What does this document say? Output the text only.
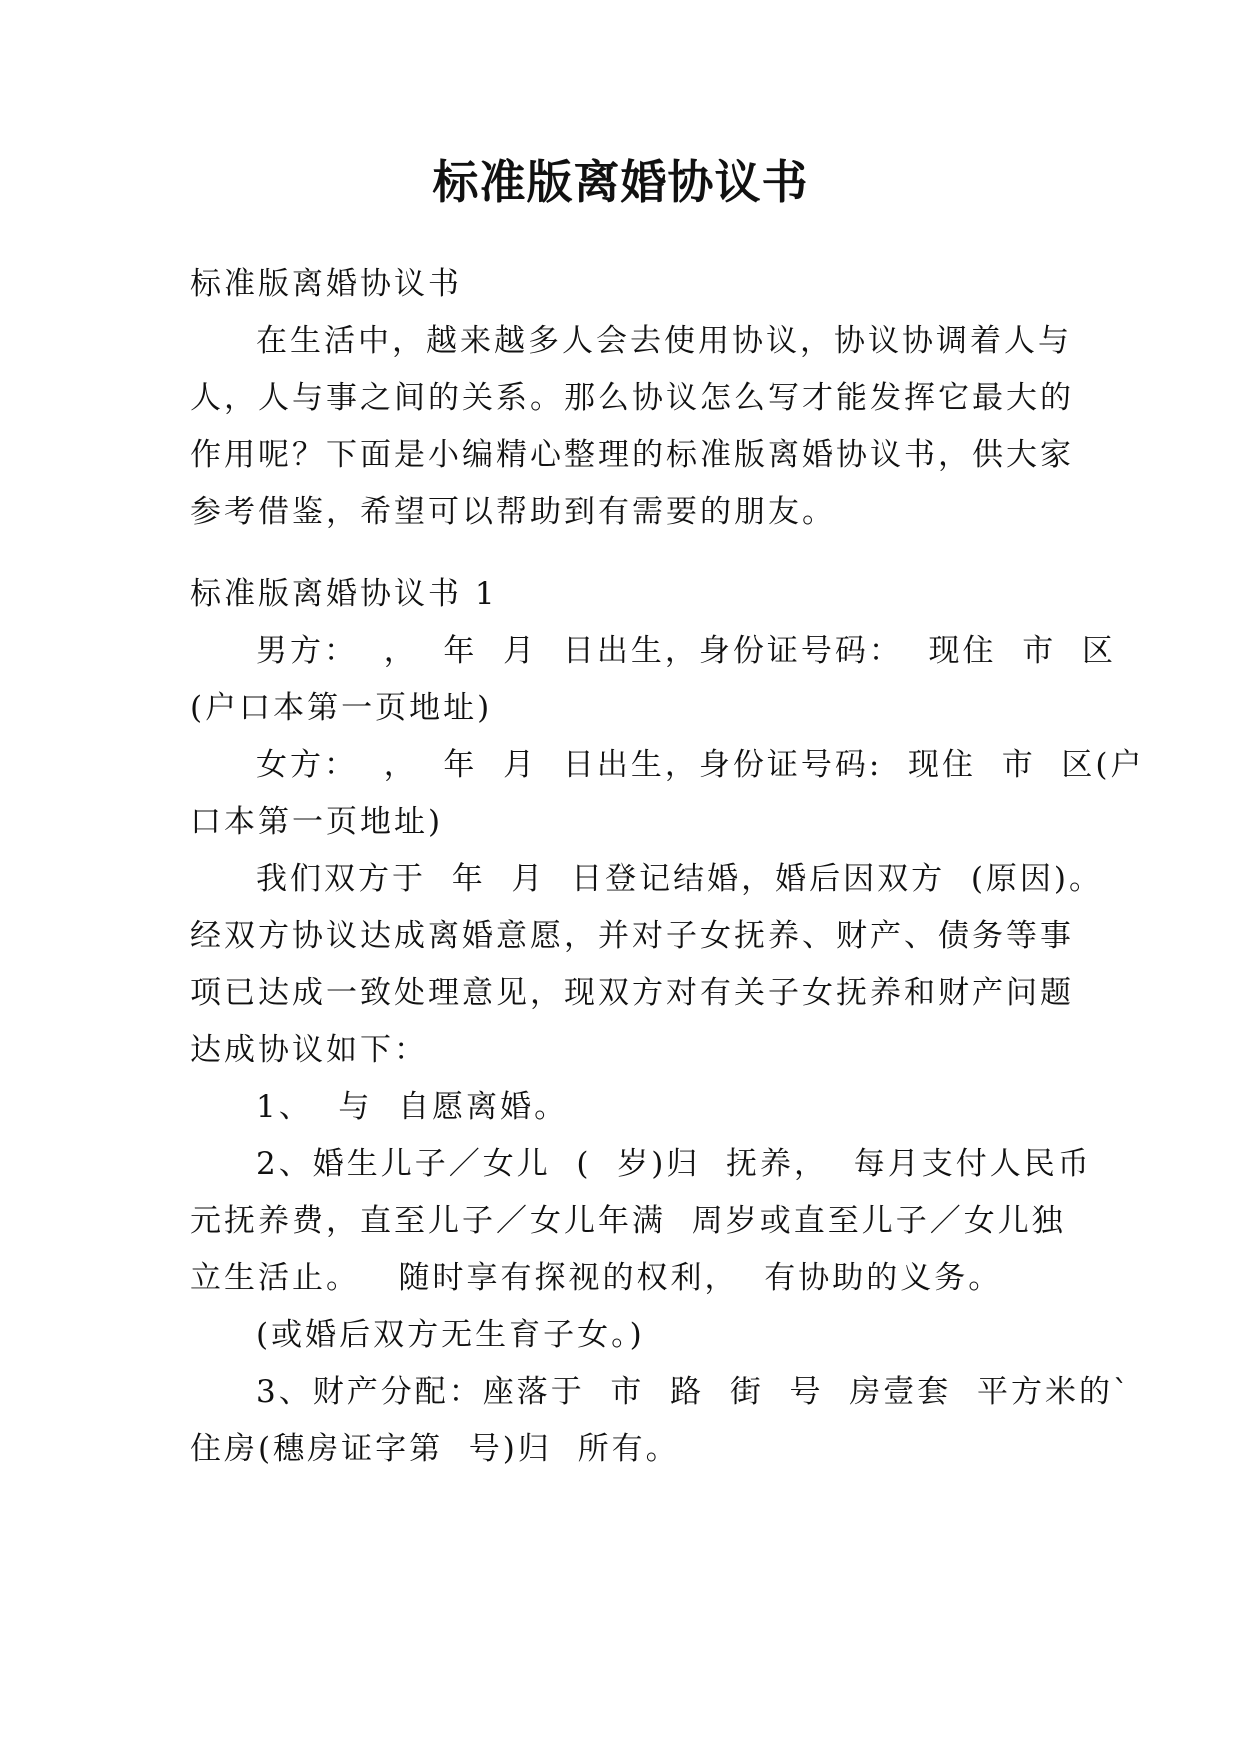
标准版离婚协议书
标准版离婚协议书
在生活中，越来越多人会去使用协议，协议协调着人与
人，人与事之间的关系。那么协议怎么写才能发挥它最大的
作用呢？下面是小编精心整理的标准版离婚协议书，供大家
参考借鉴，希望可以帮助到有需要的朋友。
标准版离婚协议书 1
男方：  ，  年  月  日出生，身份证号码：  现住  市  区
(户口本第一页地址)
女方：  ，  年  月  日出生，身份证号码:  现住  市  区(户
口本第一页地址)
我们双方于  年  月  日登记结婚，婚后因双方  (原因)。
经双方协议达成离婚意愿，并对子女抚养、财产、债务等事
项已达成一致处理意见，现双方对有关子女抚养和财产问题
达成协议如下：
1、  与  自愿离婚。
2、婚生儿子／女儿  (  岁)归  抚养，  每月支付人民币
元抚养费，直至儿子／女儿年满  周岁或直至儿子／女儿独
立生活止。   随时享有探视的权利，  有协助的义务。
(或婚后双方无生育子女。)
3、财产分配：座落于  市  路  街  号  房壹套  平方米的`
住房(穗房证字第  号)归  所有。
